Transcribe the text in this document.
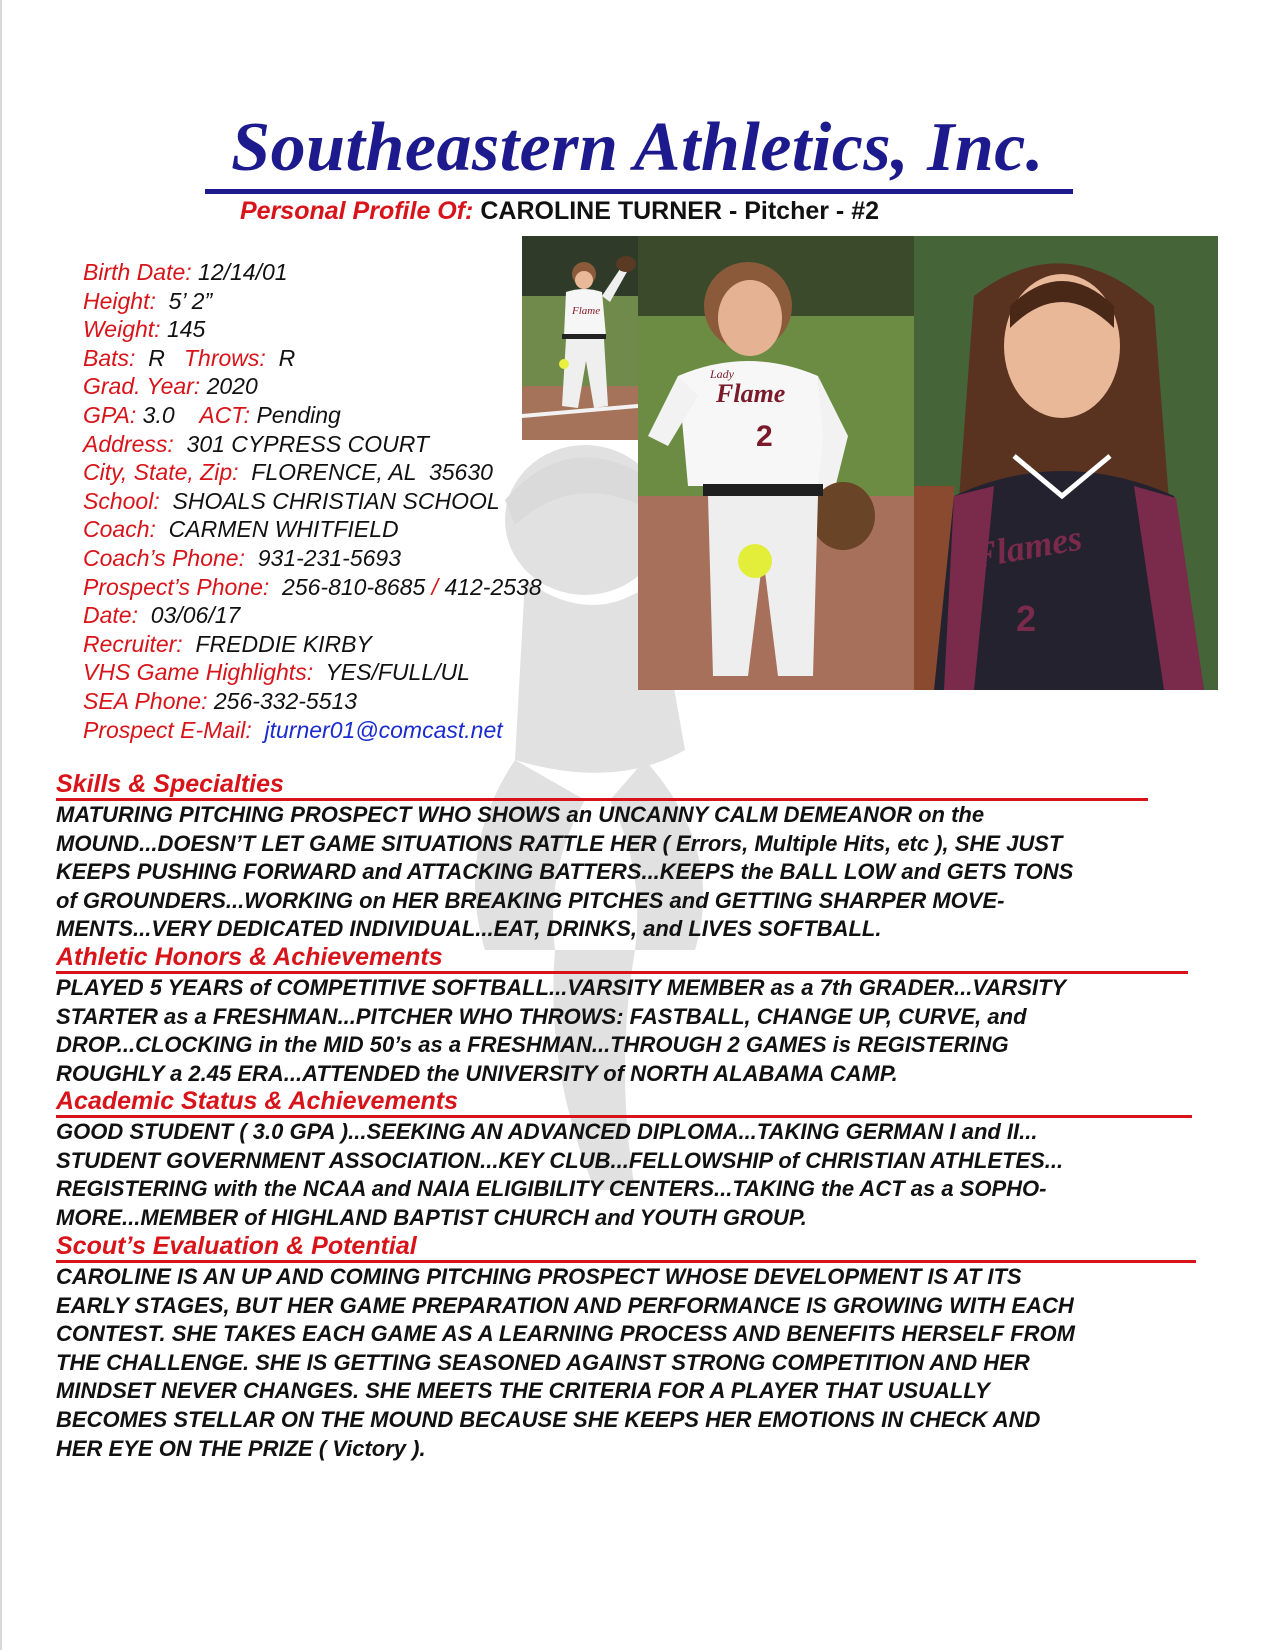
Southeastern Athletics, Inc.
Personal Profile Of: CAROLINE TURNER - Pitcher - #2
Birth Date: 12/14/01
Height: 5’ 2”
Weight: 145
Bats: R Throws: R
Grad. Year: 2020
GPA: 3.0 ACT: Pending
Address: 301 CYPRESS COURT
City, State, Zip: FLORENCE, AL  35630
School: SHOALS CHRISTIAN SCHOOL
Coach: CARMEN WHITFIELD
Coach’s Phone: 931-231-5693
Prospect’s Phone: 256-810-8685 / 412-2538
Date: 03/06/17
Recruiter: FREDDIE KIRBY
VHS Game Highlights: YES/FULL/UL
SEA Phone: 256-332-5513
Prospect E-Mail: jturner01@comcast.net
Flame
Lady
Flame
2
Flames
2
Skills & Specialties
MATURING PITCHING PROSPECT WHO SHOWS an UNCANNY CALM DEMEANOR on the
MOUND...DOESN’T LET GAME SITUATIONS RATTLE HER ( Errors, Multiple Hits, etc ), SHE JUST
KEEPS PUSHING FORWARD and ATTACKING BATTERS...KEEPS the BALL LOW and GETS TONS
of GROUNDERS...WORKING on HER BREAKING PITCHES and GETTING SHARPER MOVE-
MENTS...VERY DEDICATED INDIVIDUAL...EAT, DRINKS, and LIVES SOFTBALL.
Athletic Honors & Achievements
PLAYED 5 YEARS of COMPETITIVE SOFTBALL...VARSITY MEMBER as a 7th GRADER...VARSITY
STARTER as a FRESHMAN...PITCHER WHO THROWS: FASTBALL, CHANGE UP, CURVE, and
DROP...CLOCKING in the MID 50’s as a FRESHMAN...THROUGH 2 GAMES is REGISTERING
ROUGHLY a 2.45 ERA...ATTENDED the UNIVERSITY of NORTH ALABAMA CAMP.
Academic Status & Achievements
GOOD STUDENT ( 3.0 GPA )...SEEKING AN ADVANCED DIPLOMA...TAKING GERMAN I and II...
STUDENT GOVERNMENT ASSOCIATION...KEY CLUB...FELLOWSHIP of CHRISTIAN ATHLETES...
REGISTERING with the NCAA and NAIA ELIGIBILITY CENTERS...TAKING the ACT as a SOPHO-
MORE...MEMBER of HIGHLAND BAPTIST CHURCH and YOUTH GROUP.
Scout’s Evaluation & Potential
CAROLINE IS AN UP AND COMING PITCHING PROSPECT WHOSE DEVELOPMENT IS AT ITS
EARLY STAGES, BUT HER GAME PREPARATION AND PERFORMANCE IS GROWING WITH EACH
CONTEST. SHE TAKES EACH GAME AS A LEARNING PROCESS AND BENEFITS HERSELF FROM
THE CHALLENGE. SHE IS GETTING SEASONED AGAINST STRONG COMPETITION AND HER
MINDSET NEVER CHANGES. SHE MEETS THE CRITERIA FOR A PLAYER THAT USUALLY
BECOMES STELLAR ON THE MOUND BECAUSE SHE KEEPS HER EMOTIONS IN CHECK AND
HER EYE ON THE PRIZE ( Victory ).
